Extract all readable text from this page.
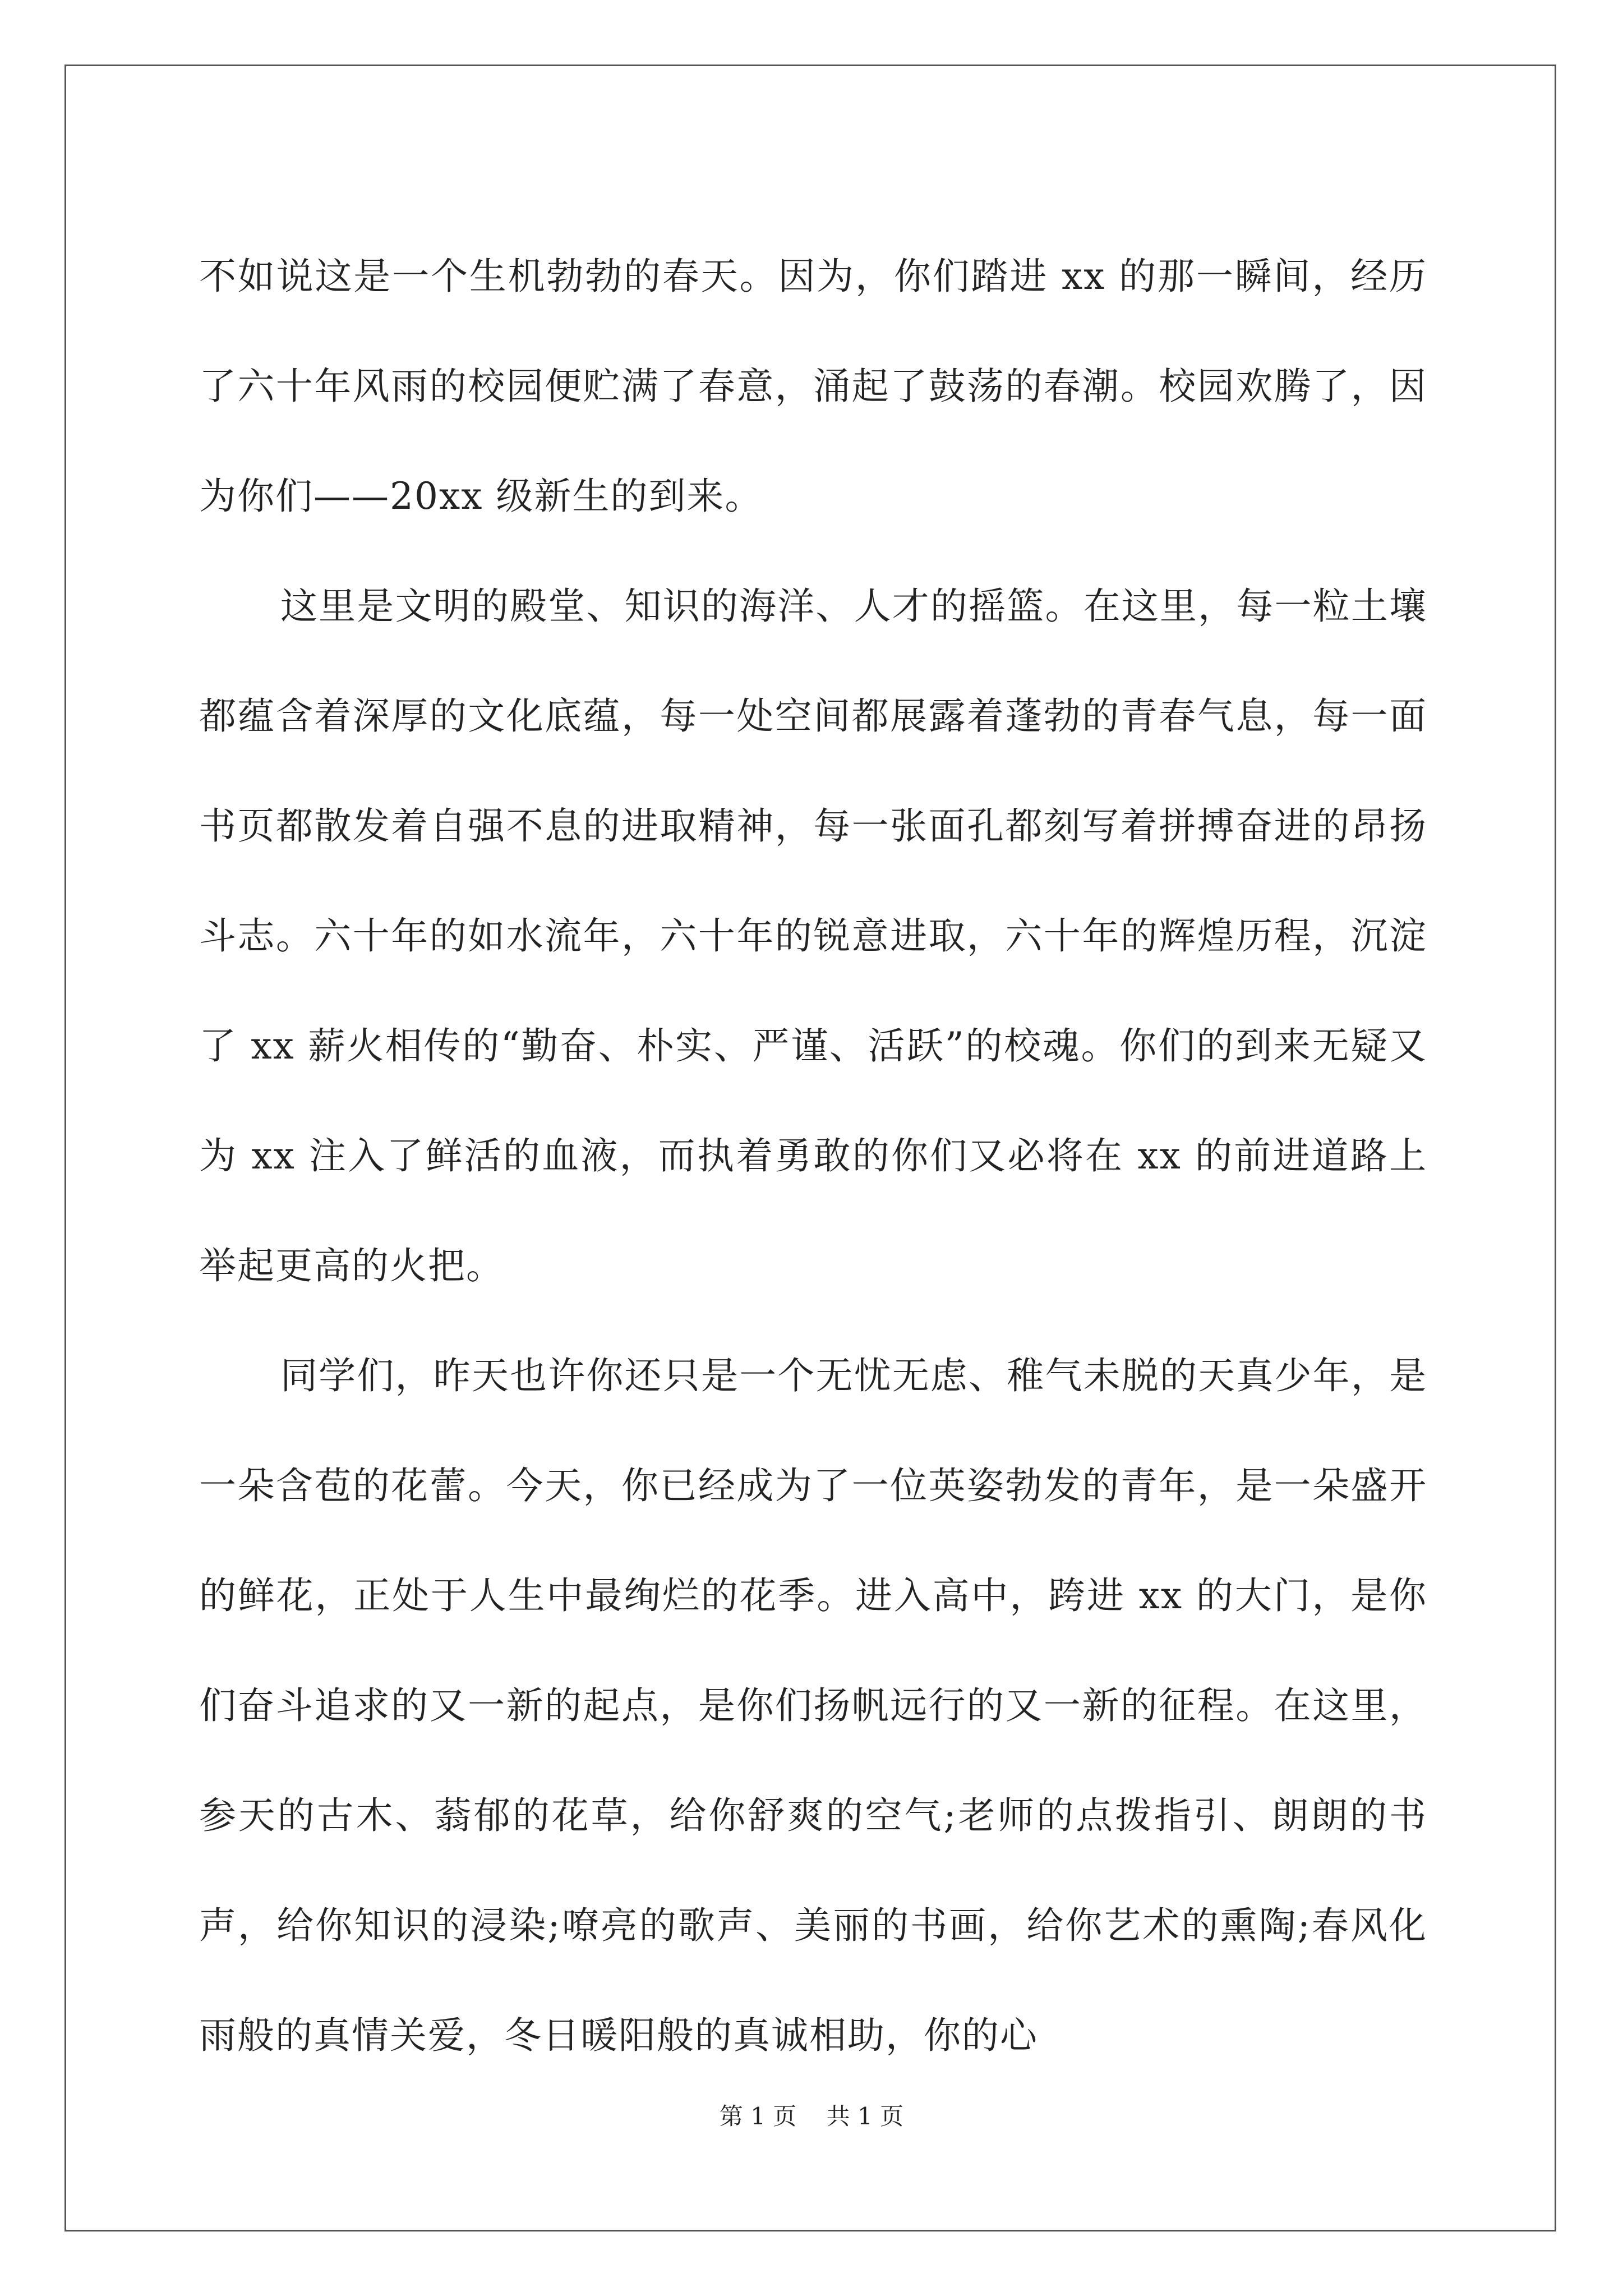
不如说这是一个生机勃勃的春天。因为，你们踏进 xx 的那一瞬间，经历了六十年风雨的校园便贮满了春意，涌起了鼓荡的春潮。校园欢腾了，因为你们——20xx 级新生的到来。

这里是文明的殿堂、知识的海洋、人才的摇篮。在这里，每一粒土壤都蕴含着深厚的文化底蕴，每一处空间都展露着蓬勃的青春气息，每一面书页都散发着自强不息的进取精神，每一张面孔都刻写着拼搏奋进的昂扬斗志。六十年的如水流年，六十年的锐意进取，六十年的辉煌历程，沉淀了 xx 薪火相传的“勤奋、朴实、严谨、活跃”的校魂。你们的到来无疑又为 xx 注入了鲜活的血液，而执着勇敢的你们又必将在 xx 的前进道路上举起更高的火把。

同学们，昨天也许你还只是一个无忧无虑、稚气未脱的天真少年，是一朵含苞的花蕾。今天，你已经成为了一位英姿勃发的青年，是一朵盛开的鲜花，正处于人生中最绚烂的花季。进入高中，跨进 xx 的大门，是你们奋斗追求的又一新的起点，是你们扬帆远行的又一新的征程。在这里，参天的古木、蓊郁的花草，给你舒爽的空气;老师的点拨指引、朗朗的书声，给你知识的浸染;嘹亮的歌声、美丽的书画，给你艺术的熏陶;春风化雨般的真情关爱，冬日暖阳般的真诚相助，你的心

第 1 页 共 1 页
